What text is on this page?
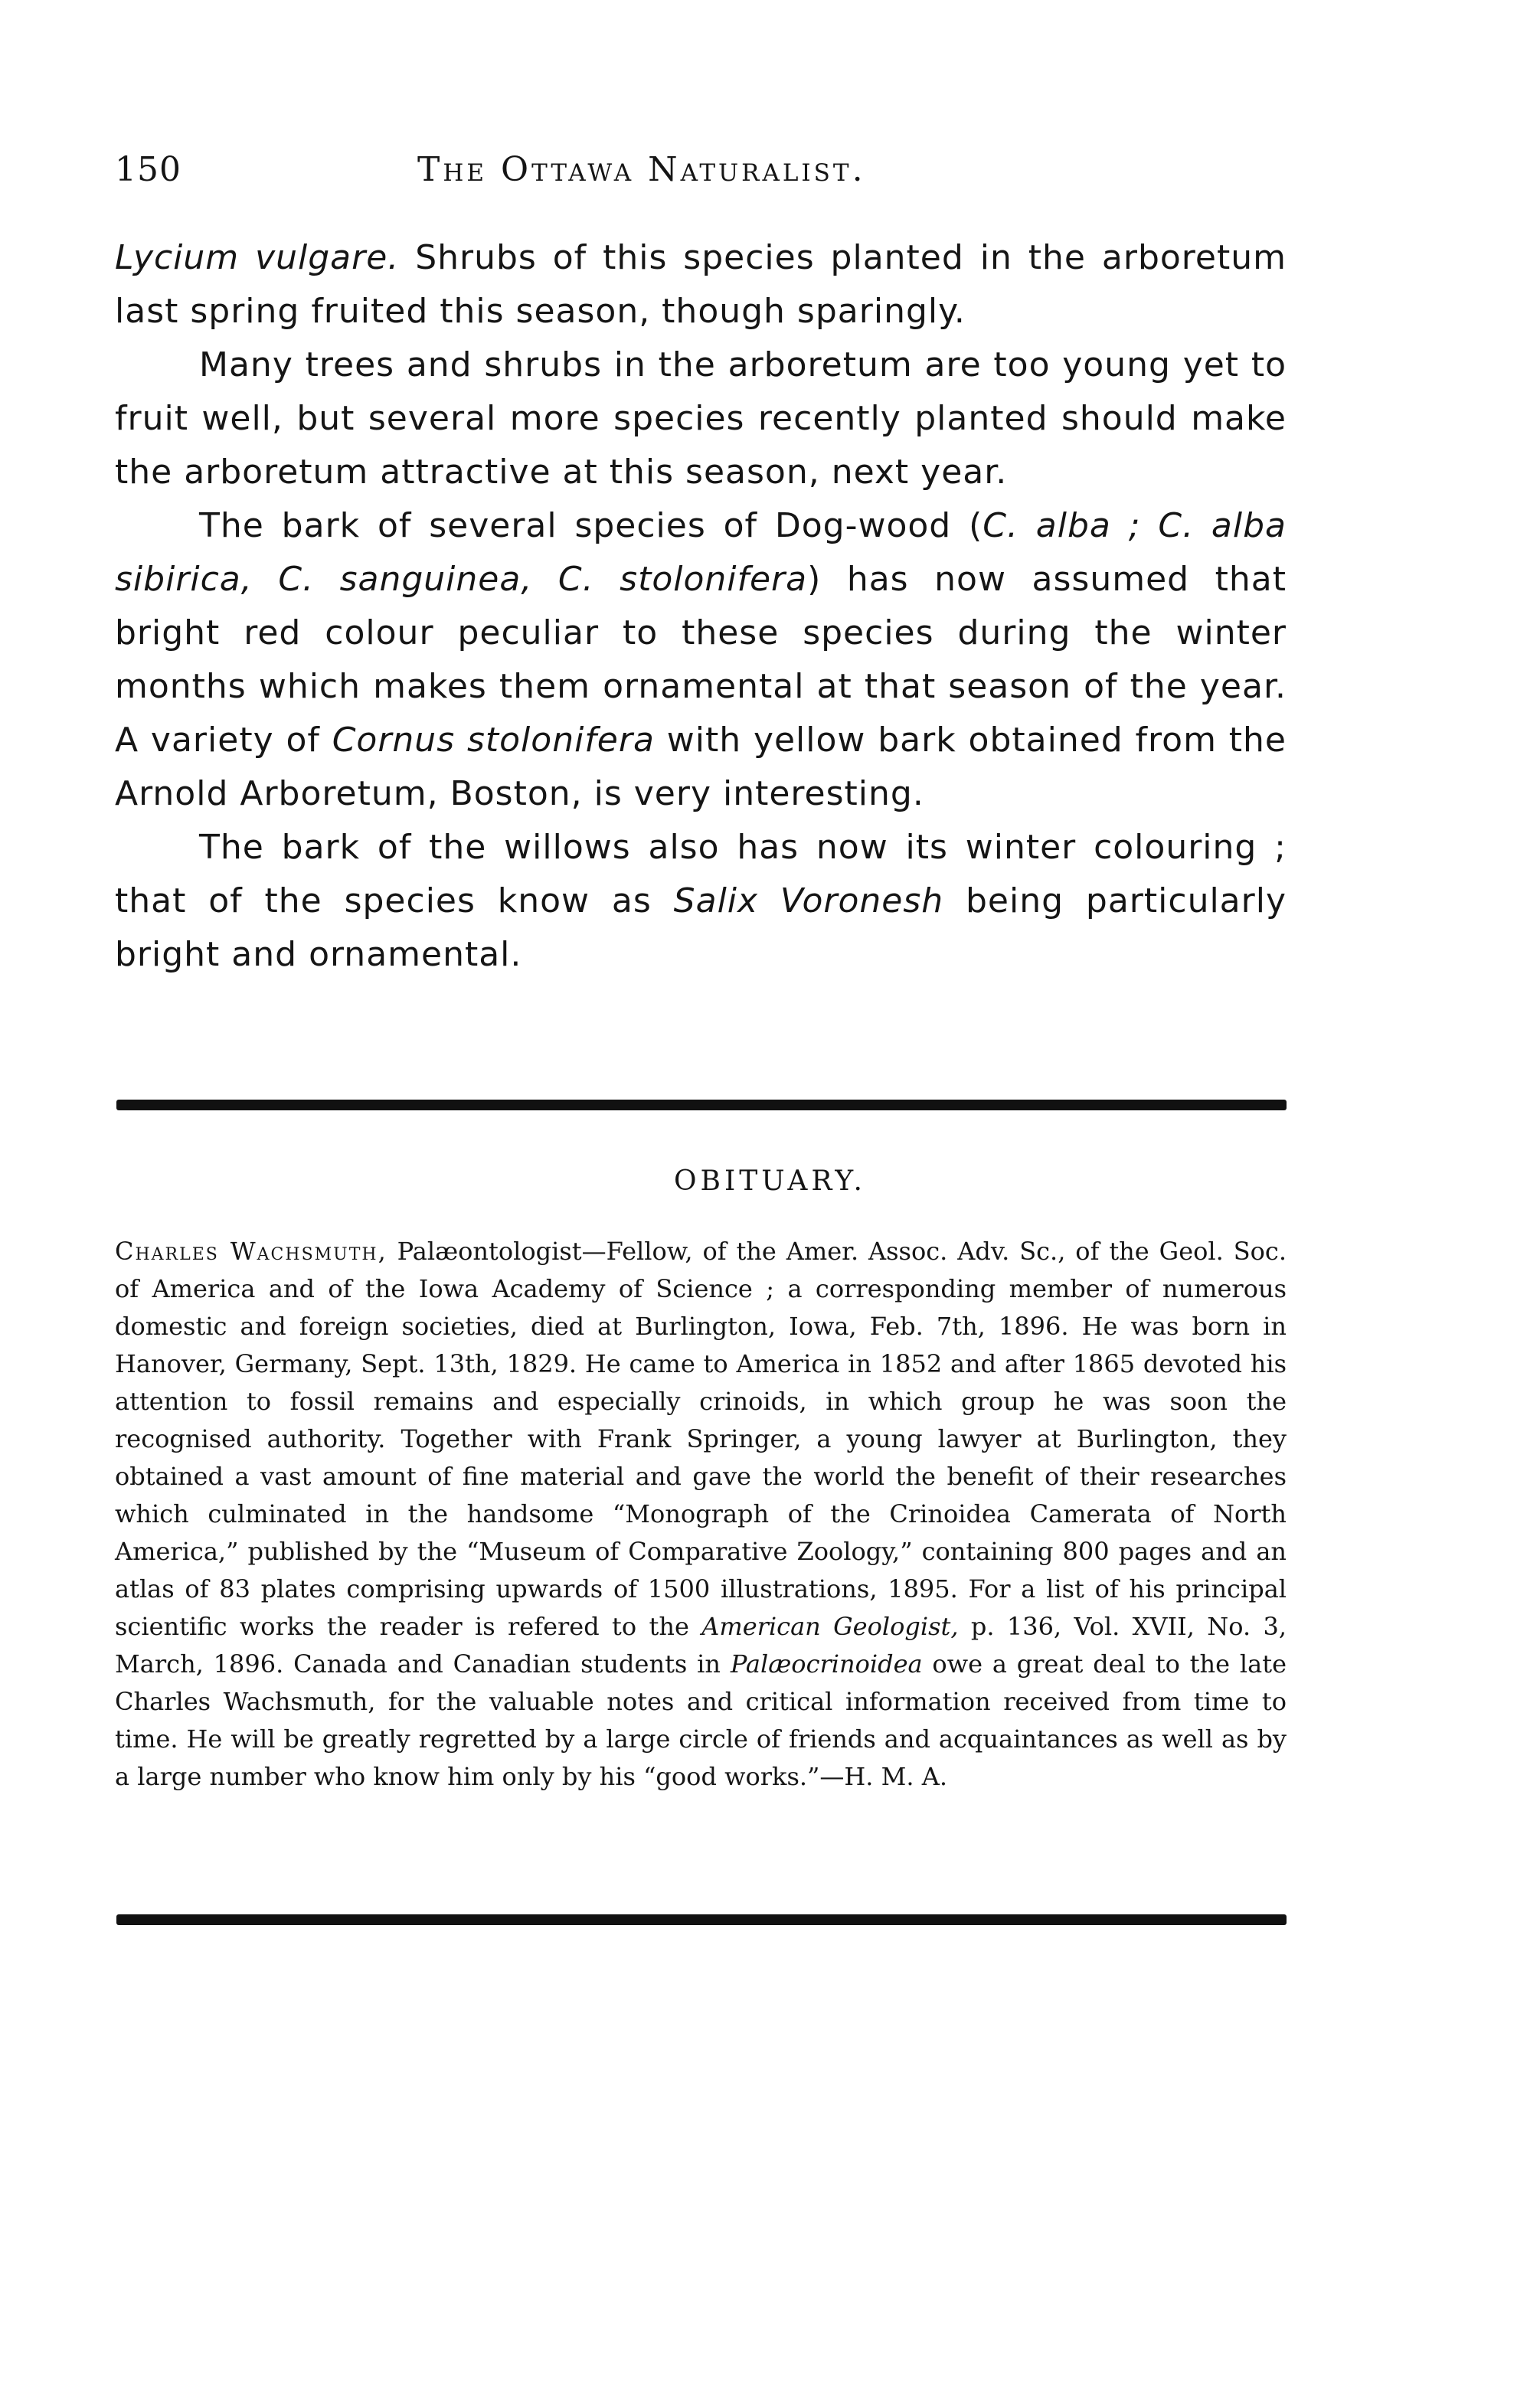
150	The Ottawa Naturalist.

Lycium vulgare. Shrubs of this species planted in the arboretum last spring fruited this season, though sparingly.

Many trees and shrubs in the arboretum are too young yet to fruit well, but several more species recently planted should make the arboretum attractive at this season, next year.

The bark of several species of Dog-wood (C. alba ; C. alba sibirica, C. sanguinea, C. stolonifera) has now assumed that bright red colour peculiar to these species during the winter months which makes them ornamental at that season of the year. A variety of Cornus stolonifera with yellow bark obtained from the Arnold Arboretum, Boston, is very interesting.

The bark of the willows also has now its winter colouring ; that of the species know as Salix Voronesh being particularly bright and ornamental.

OBITUARY.

Charles Wachsmuth, Palæontologist—Fellow, of the Amer. Assoc. Adv. Sc., of the Geol. Soc. of America and of the Iowa Academy of Science ; a corresponding member of numerous domestic and foreign societies, died at Burlington, Iowa, Feb. 7th, 1896. He was born in Hanover, Germany, Sept. 13th, 1829. He came to America in 1852 and after 1865 devoted his attention to fossil remains and especially crinoids, in which group he was soon the recognised authority. Together with Frank Springer, a young lawyer at Burlington, they obtained a vast amount of fine material and gave the world the benefit of their researches which culminated in the handsome “Monograph of the Crinoidea Camerata of North America,” published by the “Museum of Comparative Zoology,” containing 800 pages and an atlas of 83 plates comprising upwards of 1500 illustrations, 1895. For a list of his principal scientific works the reader is refered to the American Geologist, p. 136, Vol. XVII, No. 3, March, 1896. Canada and Canadian students in Palæocrinoidea owe a great deal to the late Charles Wachsmuth, for the valuable notes and critical information received from time to time. He will be greatly regretted by a large circle of friends and acquaintances as well as by a large number who know him only by his “good works.”—H. M. A.
